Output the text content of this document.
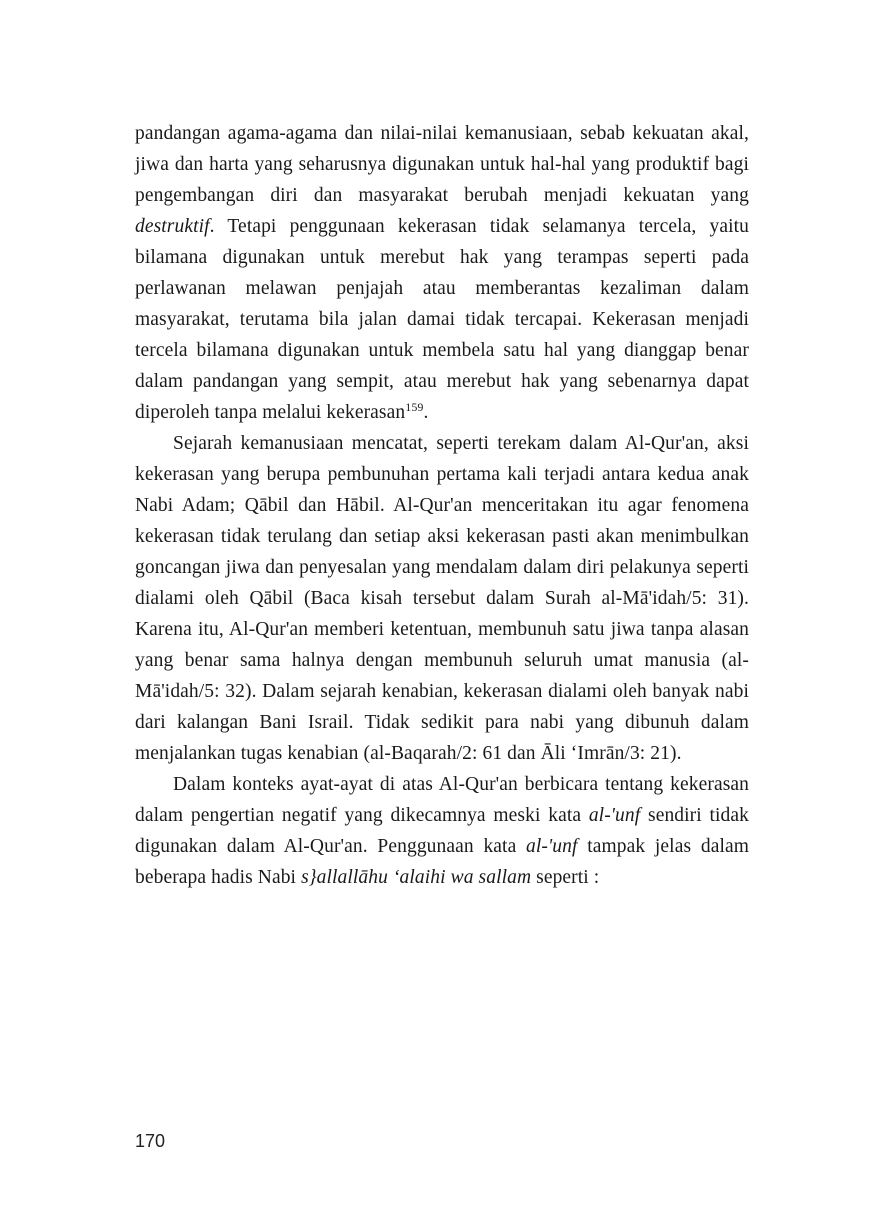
pandangan agama-agama dan nilai-nilai kemanusiaan, sebab kekuatan akal, jiwa dan harta yang seharusnya digunakan untuk hal-hal yang produktif bagi pengembangan diri dan masyarakat berubah menjadi kekuatan yang destruktif. Tetapi penggunaan kekerasan tidak selamanya tercela, yaitu bilamana digunakan untuk merebut hak yang terampas seperti pada perlawanan melawan penjajah atau memberantas kezaliman dalam masyarakat, terutama bila jalan damai tidak tercapai. Kekerasan menjadi tercela bilamana digunakan untuk membela satu hal yang dianggap benar dalam pandangan yang sempit, atau merebut hak yang sebenarnya dapat diperoleh tanpa melalui kekerasan$^{159}$.

Sejarah kemanusiaan mencatat, seperti terekam dalam Al-Qur'an, aksi kekerasan yang berupa pembunuhan pertama kali terjadi antara kedua anak Nabi Adam; Qābil dan Hābil. Al-Qur'an menceritakan itu agar fenomena kekerasan tidak terulang dan setiap aksi kekerasan pasti akan menimbulkan goncangan jiwa dan penyesalan yang mendalam dalam diri pelakunya seperti dialami oleh Qābil (Baca kisah tersebut dalam Surah al-Mā'idah/5: 31). Karena itu, Al-Qur'an memberi ketentuan, membunuh satu jiwa tanpa alasan yang benar sama halnya dengan membunuh seluruh umat manusia (al-Mā'idah/5: 32). Dalam sejarah kenabian, kekerasan dialami oleh banyak nabi dari kalangan Bani Israil. Tidak sedikit para nabi yang dibunuh dalam menjalankan tugas kenabian (al-Baqarah/2: 61 dan Āli ‘Imrān/3: 21).

Dalam konteks ayat-ayat di atas Al-Qur'an berbicara tentang kekerasan dalam pengertian negatif yang dikecamnya meski kata al-'unf sendiri tidak digunakan dalam Al-Qur'an. Penggunaan kata al-'unf tampak jelas dalam beberapa hadis Nabi s}allallāhu ‘alaihi wa sallam seperti :

170
